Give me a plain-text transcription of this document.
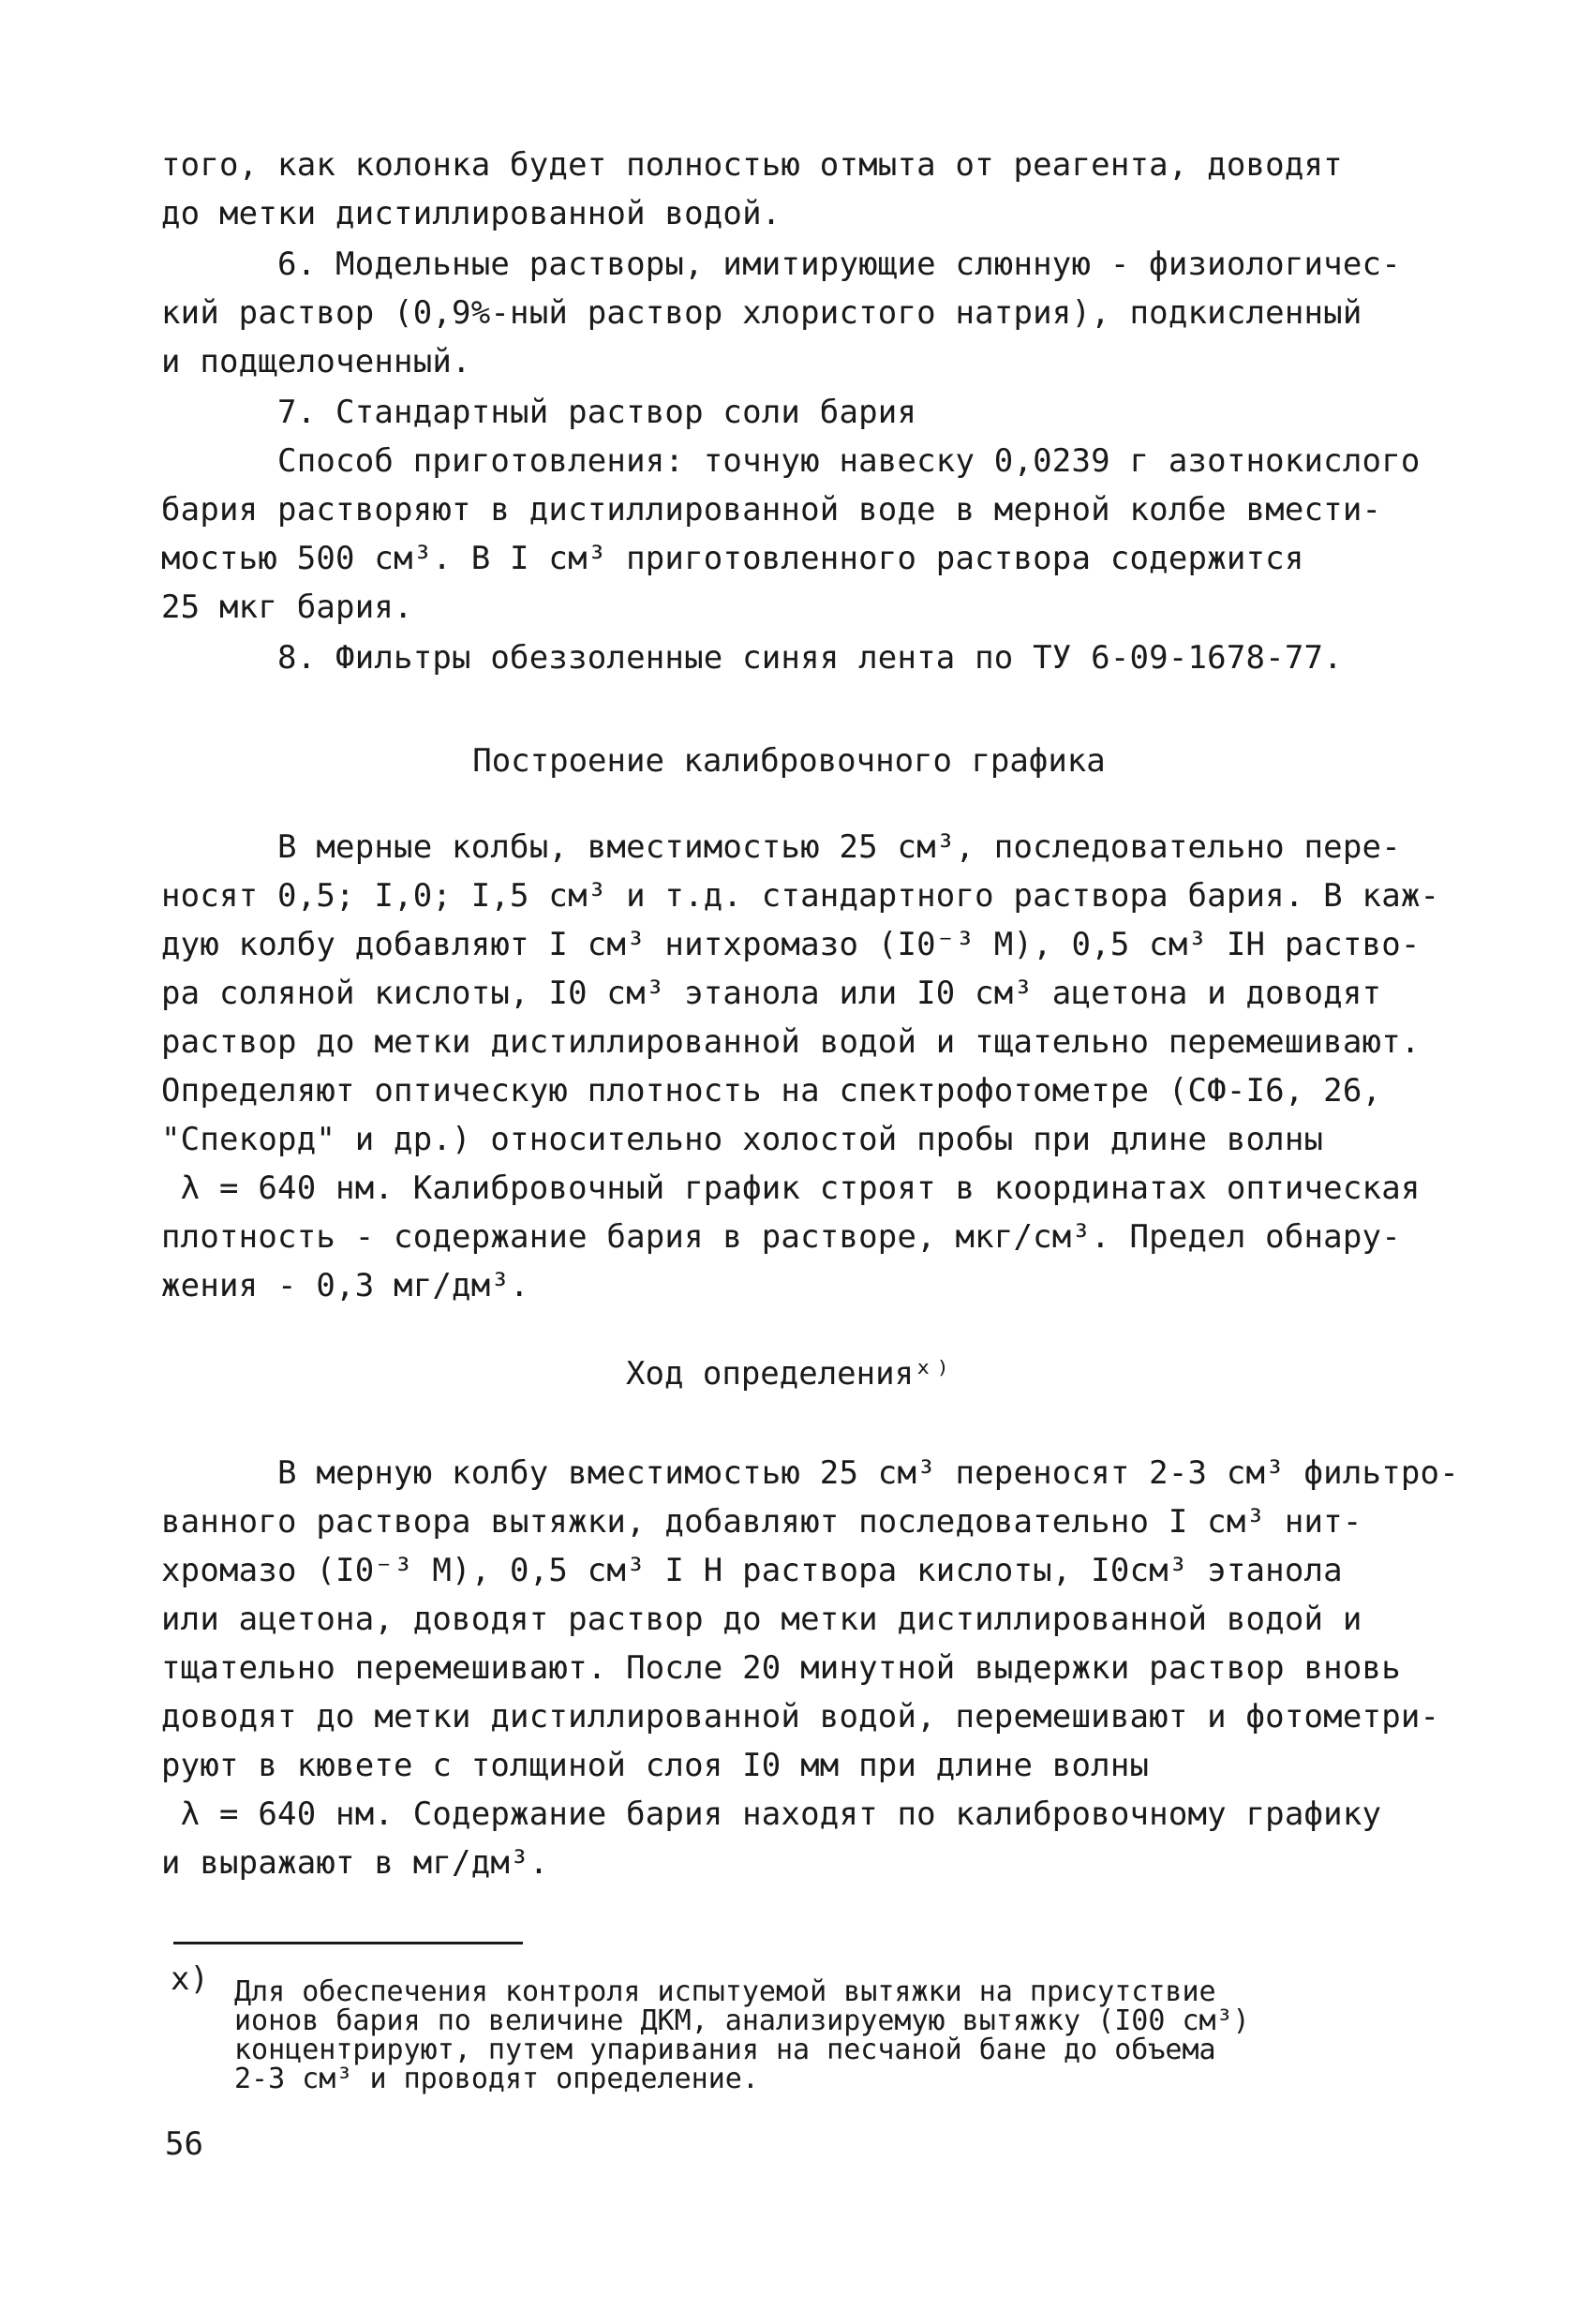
того, как колонка будет полностью отмыта от реагента, доводят
до метки дистиллированной водой.
6. Модельные растворы, имитирующие слюнную - физиологичес-
кий раствор (0,9%-ный раствор хлористого натрия), подкисленный
и подщелоченный.
7. Стандартный раствор соли бария
Способ приготовления: точную навеску 0,0239 г азотнокислого
бария растворяют в дистиллированной воде в мерной колбе вмести-
мостью 500 см³. В I см³ приготовленного раствора содержится
25 мкг бария.
8. Фильтры обеззоленные синяя лента по ТУ 6-09-1678-77.
Построение калибровочного графика
В мерные колбы, вместимостью 25 см³, последовательно пере-
носят 0,5; I,0; I,5 см³ и т.д. стандартного раствора бария. В каж-
дую колбу добавляют I см³ нитхромазо (I0⁻³ М), 0,5 см³ IН раство-
ра соляной кислоты, I0 см³ этанола или I0 см³ ацетона и доводят
раствор до метки дистиллированной водой и тщательно перемешивают.
Определяют оптическую плотность на спектрофотометре (СФ-I6, 26,
"Спекорд" и др.) относительно холостой пробы при длине волны
λ = 640 нм. Калибровочный график строят в координатах оптическая
плотность - содержание бария в растворе, мкг/см³. Предел обнару-
жения - 0,3 мг/дм³.
Ход определенияˣ⁾
В мерную колбу вместимостью 25 см³ переносят 2-3 см³ фильтро-
ванного раствора вытяжки, добавляют последовательно I см³ нит-
хромазо (I0⁻³ М), 0,5 см³ I Н раствора кислоты, I0см³ этанола
или ацетона, доводят раствор до метки дистиллированной водой и
тщательно перемешивают. После 20 минутной выдержки раствор вновь
доводят до метки дистиллированной водой, перемешивают и фотометри-
руют в кювете с толщиной слоя I0 мм при длине волны
λ = 640 нм. Содержание бария находят по калибровочному графику
и выражают в мг/дм³.
х) Для обеспечения контроля испытуемой вытяжки на присутствие
ионов бария по величине ДКМ, анализируемую вытяжку (I00 см³)
концентрируют, путем упаривания на песчаной бане до объема
2-3 см³ и проводят определение.
56
